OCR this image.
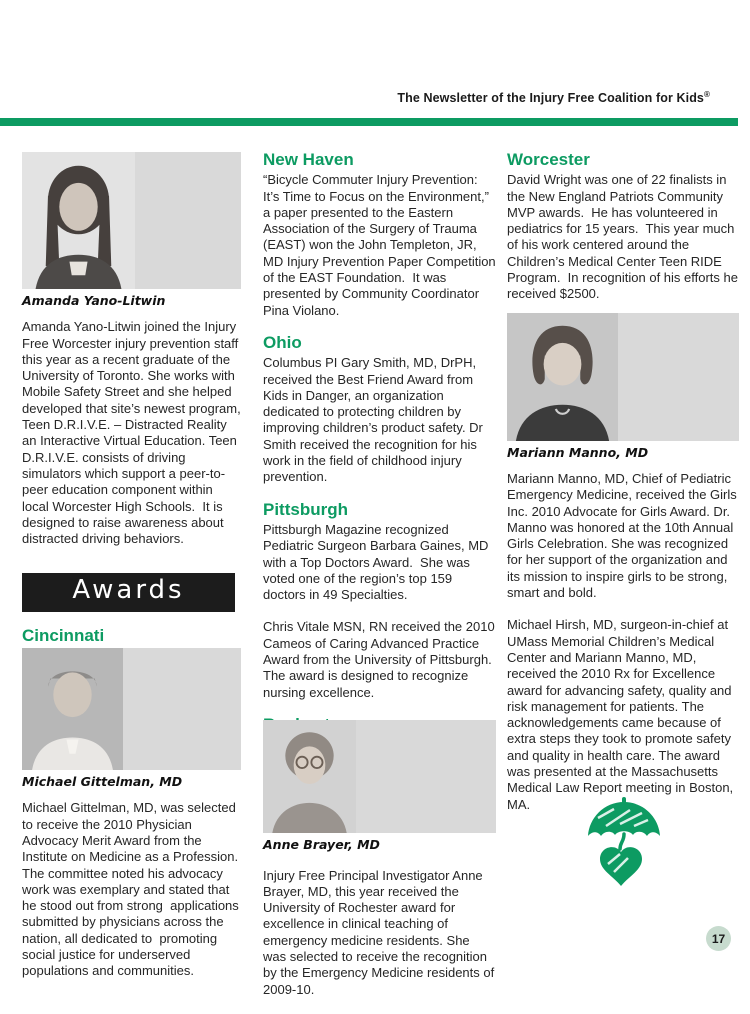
The Newsletter of the Injury Free Coalition for Kids®
Amanda Yano-Litwin

Amanda Yano-Litwin joined the Injury Free Worcester injury prevention staff this year as a recent graduate of the University of Toronto. She works with Mobile Safety Street and she helped developed that site’s newest program, Teen D.R.I.V.E. – Distracted Reality an Interactive Virtual Education. Teen D.R.I.V.E. consists of driving simulators which support a peer-to-peer education component within local Worcester High Schools.  It is designed to raise awareness about distracted driving behaviors.

Awards
Cincinnati
Michael Gittelman, MD

Michael Gittelman, MD, was selected to receive the 2010 Physician Advocacy Merit Award from the Institute on Medicine as a Profession. The committee noted his advocacy work was exemplary and stated that he stood out from strong  applications submitted by physicians across the nation, all dedicated to  promoting social justice for underserved populations and communities.

New Haven

“Bicycle Commuter Injury Prevention: It’s Time to Focus on the Environment,” a paper presented to the Eastern Association of the Surgery of Trauma (EAST) won the John Templeton, JR, MD Injury Prevention Paper Competition of the EAST Foundation.  It was presented by Community Coordinator Pina Violano.

Ohio

Columbus PI Gary Smith, MD, DrPH, received the Best Friend Award from Kids in Danger, an organization dedicated to protecting children by improving children’s product safety. Dr Smith received the recognition for his work in the field of childhood injury prevention.

Pittsburgh

Pittsburgh Magazine recognized Pediatric Surgeon Barbara Gaines, MD with a Top Doctors Award.  She was voted one of the region’s top 159 doctors in 49 Specialties.

Chris Vitale MSN, RN received the 2010 Cameos of Caring Advanced Practice Award from the University of Pittsburgh.  The award is designed to recognize nursing excellence.

Anne Brayer, MD

Injury Free Principal Investigator Anne Brayer, MD, this year received the University of Rochester award for excellence in clinical teaching of emergency medicine residents. She was selected to receive the recognition by the Emergency Medicine residents of 2009-10.

Worcester

David Wright was one of 22 finalists in the New England Patriots Community MVP awards.  He has volunteered in pediatrics for 15 years.  This year much of his work centered around the Children’s Medical Center Teen RIDE Program.  In recognition of his efforts he received $2500.

Mariann Manno, MD

Mariann Manno, MD, Chief of Pediatric Emergency Medicine, received the Girls Inc. 2010 Advocate for Girls Award. Dr. Manno was honored at the 10th Annual Girls Celebration. She was recognized for her support of the organization and its mission to inspire girls to be strong, smart and bold.

Michael Hirsh, MD, surgeon-in-chief at UMass Memorial Children’s Medical Center and Mariann Manno, MD, received the 2010 Rx for Excellence award for advancing safety, quality and risk management for patients. The acknowledgements came because of extra steps they took to promote safety and quality in health care. The award was presented at the Massachusetts Medical Law Report meeting in Boston, MA.

17
